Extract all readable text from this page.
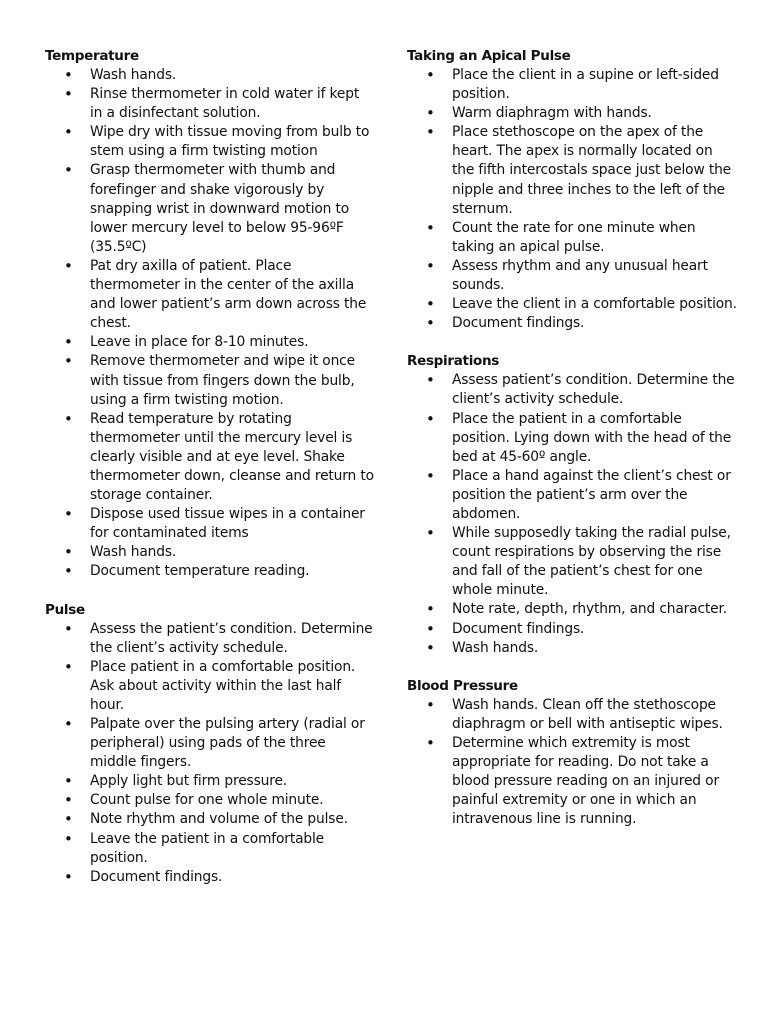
Temperature
• Wash hands.
• Rinse thermometer in cold water if kept in a disinfectant solution.
• Wipe dry with tissue moving from bulb to stem using a firm twisting motion
• Grasp thermometer with thumb and forefinger and shake vigorously by snapping wrist in downward motion to lower mercury level to below 95-96ºF (35.5ºC)
• Pat dry axilla of patient. Place thermometer in the center of the axilla and lower patient’s arm down across the chest.
• Leave in place for 8-10 minutes.
• Remove thermometer and wipe it once with tissue from fingers down the bulb, using a firm twisting motion.
• Read temperature by rotating thermometer until the mercury level is clearly visible and at eye level. Shake thermometer down, cleanse and return to storage container.
• Dispose used tissue wipes in a container for contaminated items
• Wash hands.
• Document temperature reading.
Pulse
• Assess the patient’s condition. Determine the client’s activity schedule.
• Place patient in a comfortable position. Ask about activity within the last half hour.
• Palpate over the pulsing artery (radial or peripheral) using pads of the three middle fingers.
• Apply light but firm pressure.
• Count pulse for one whole minute.
• Note rhythm and volume of the pulse.
• Leave the patient in a comfortable position.
• Document findings.
Taking an Apical Pulse
• Place the client in a supine or left-sided position.
• Warm diaphragm with hands.
• Place stethoscope on the apex of the heart. The apex is normally located on the fifth intercostals space just below the nipple and three inches to the left of the sternum.
• Count the rate for one minute when taking an apical pulse.
• Assess rhythm and any unusual heart sounds.
• Leave the client in a comfortable position.
• Document findings.
Respirations
• Assess patient’s condition. Determine the client’s activity schedule.
• Place the patient in a comfortable position. Lying down with the head of the bed at 45-60º angle.
• Place a hand against the client’s chest or position the patient’s arm over the abdomen.
• While supposedly taking the radial pulse, count respirations by observing the rise and fall of the patient’s chest for one whole minute.
• Note rate, depth, rhythm, and character.
• Document findings.
• Wash hands.
Blood Pressure
• Wash hands. Clean off the stethoscope diaphragm or bell with antiseptic wipes.
• Determine which extremity is most appropriate for reading. Do not take a blood pressure reading on an injured or painful extremity or one in which an intravenous line is running.
